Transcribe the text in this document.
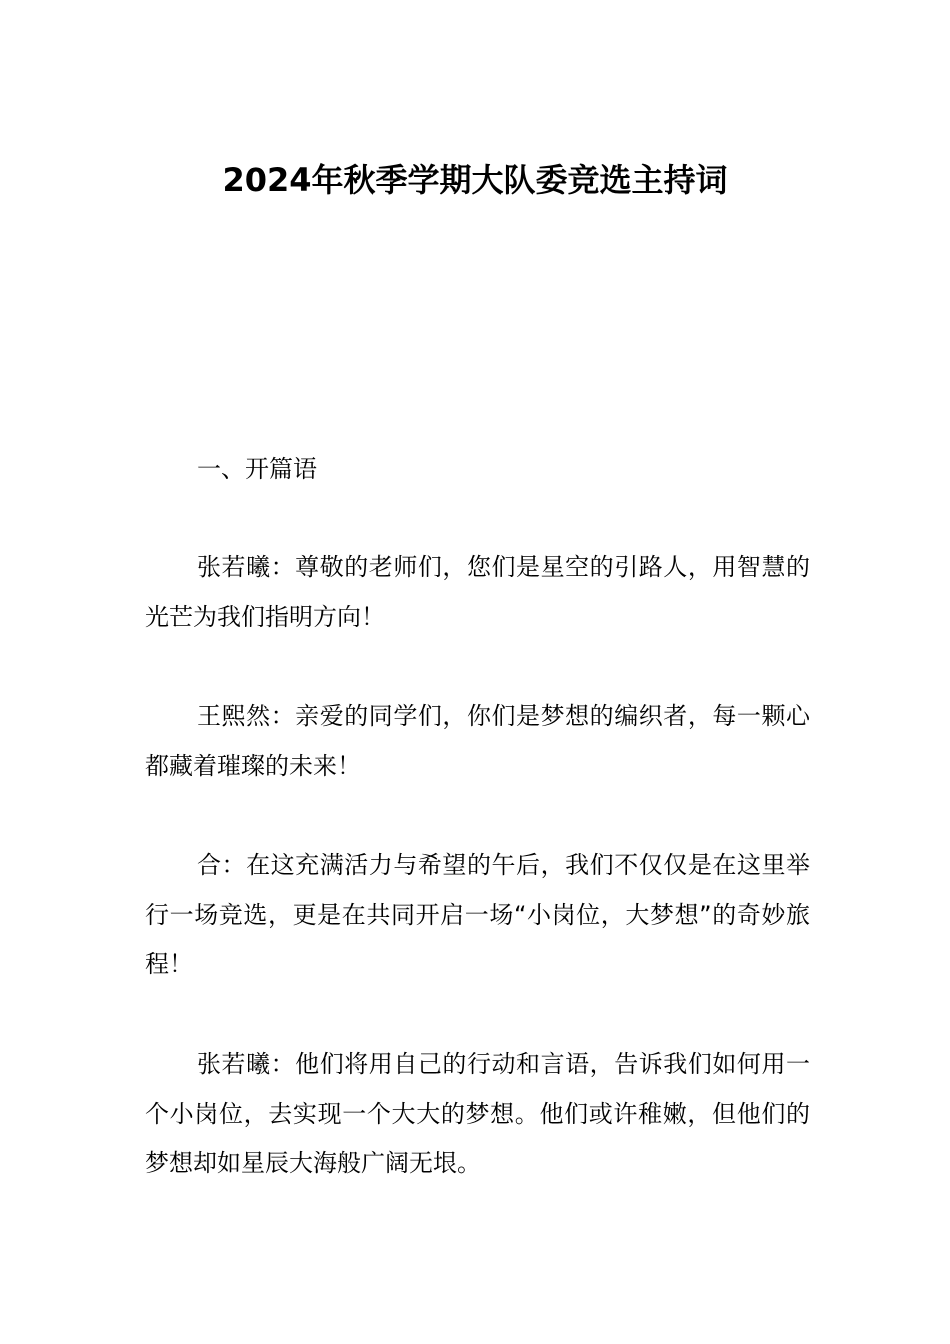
2024年秋季学期大队委竞选主持词

一、开篇语

张若曦：尊敬的老师们，您们是星空的引路人，用智慧的光芒为我们指明方向！

王熙然：亲爱的同学们，你们是梦想的编织者，每一颗心都藏着璀璨的未来！

合：在这充满活力与希望的午后，我们不仅仅是在这里举行一场竞选，更是在共同开启一场“小岗位，大梦想”的奇妙旅程！

张若曦：他们将用自己的行动和言语，告诉我们如何用一个小岗位，去实现一个大大的梦想。他们或许稚嫩，但他们的梦想却如星辰大海般广阔无垠。
